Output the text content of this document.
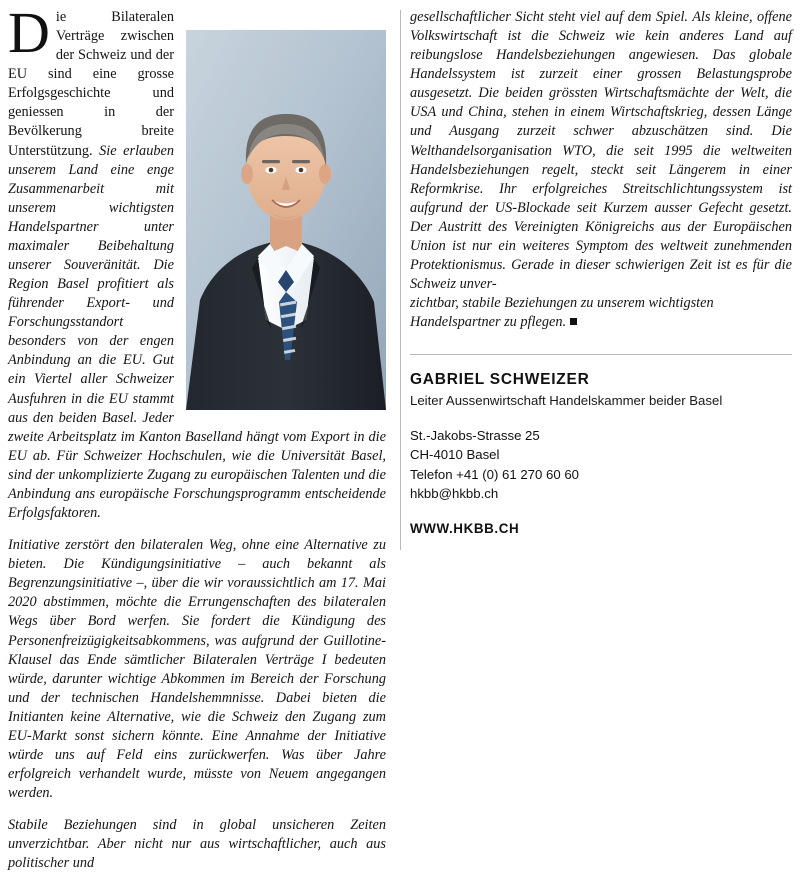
Die Bilateralen Verträge zwischen der Schweiz und der EU sind eine grosse Erfolgsgeschichte und geniessen in der Bevölkerung breite Unterstützung. Sie erlauben unserem Land eine enge Zusammenarbeit mit unserem wichtigsten Handelspartner unter maximaler Beibehaltung unserer Souveränität. Die Region Basel profitiert als führender Export- und Forschungsstandort besonders von der engen Anbindung an die EU. Gut ein Viertel aller Schweizer Ausfuhren in die EU stammt aus den beiden Basel. Jeder zweite Arbeitsplatz im Kanton Baselland hängt vom Export in die EU ab. Für Schweizer Hochschulen, wie die Universität Basel, sind der unkomplizierte Zugang zu europäischen Talenten und die Anbindung ans europäische Forschungsprogramm entscheidende Erfolgsfaktoren.

Initiative zerstört den bilateralen Weg, ohne eine Alternative zu bieten. Die Kündigungsinitiative – auch bekannt als Begrenzungsinitiative –, über die wir voraussichtlich am 17. Mai 2020 abstimmen, möchte die Errungenschaften des bilateralen Wegs über Bord werfen. Sie fordert die Kündigung des Personenfreizügigkeitsabkommens, was aufgrund der Guillotine-Klausel das Ende sämtlicher Bilateralen Verträge I bedeuten würde, darunter wichtige Abkommen im Bereich der Forschung und der technischen Handelshemmnisse. Dabei bieten die Initianten keine Alternative, wie die Schweiz den Zugang zum EU-Markt sonst sichern könnte. Eine Annahme der Initiative würde uns auf Feld eins zurückwerfen. Was über Jahre erfolgreich verhandelt wurde, müsste von Neuem angegangen werden.

Stabile Beziehungen sind in global unsicheren Zeiten unverzichtbar. Aber nicht nur aus wirtschaftlicher, auch aus politischer und

gesellschaftlicher Sicht steht viel auf dem Spiel. Als kleine, offene Volkswirtschaft ist die Schweiz wie kein anderes Land auf reibungslose Handelsbeziehungen angewiesen. Das globale Handelssystem ist zurzeit einer grossen Belastungsprobe ausgesetzt. Die beiden grössten Wirtschaftsmächte der Welt, die USA und China, stehen in einem Wirtschaftskrieg, dessen Länge und Ausgang zurzeit schwer abzuschätzen sind. Die Welthandelsorganisation WTO, die seit 1995 die weltweiten Handelsbeziehungen regelt, steckt seit Längerem in einer Reformkrise. Ihr erfolgreiches Streitschlichtungssystem ist aufgrund der US-Blockade seit Kurzem ausser Gefecht gesetzt. Der Austritt des Vereinigten Königreichs aus der Europäischen Union ist nur ein weiteres Symptom des weltweit zunehmenden Protektionismus. Gerade in dieser schwierigen Zeit ist es für die Schweiz unver-

zichtbar, stabile Beziehungen zu unserem wichtigsten Handelspartner zu pflegen.

GABRIEL SCHWEIZER

Leiter Aussenwirtschaft Handelskammer beider Basel

St.-Jakobs-Strasse 25
CH-4010 Basel
Telefon +41 (0) 61 270 60 60
hkbb@hkbb.ch

WWW.HKBB.CH
